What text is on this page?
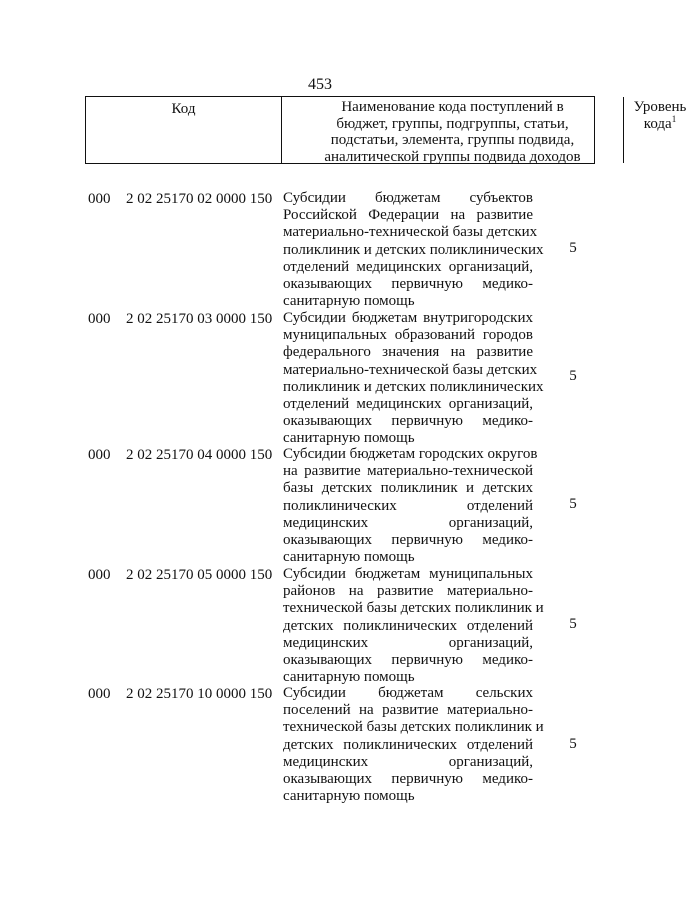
453
Код	Наименование кода поступлений в
бюджет, группы, подгруппы, статьи,
подстатьи, элемента, группы подвида,
аналитической группы подвида доходов
Уровень
кода$^1$
000 2 02 25170 02 0000 150 Субсидии бюджетам субъектов
Российской Федерации на развитие
материально-технической базы детских
поликлиник и детских поликлинических
отделений медицинских организаций,
оказывающих первичную медико-
санитарную помощь
5
000 2 02 25170 03 0000 150 Субсидии бюджетам внутригородских
муниципальных образований городов
федерального значения на развитие
материально-технической базы детских
поликлиник и детских поликлинических
отделений медицинских организаций,
оказывающих первичную медико-
санитарную помощь
5
000 2 02 25170 04 0000 150 Субсидии бюджетам городских округов
на развитие материально-технической
базы детских поликлиник и детских
поликлинических отделений
медицинских организаций,
оказывающих первичную медико-
санитарную помощь
5
000 2 02 25170 05 0000 150 Субсидии бюджетам муниципальных
районов на развитие материально-
технической базы детских поликлиник и
детских поликлинических отделений
медицинских организаций,
оказывающих первичную медико-
санитарную помощь
5
000 2 02 25170 10 0000 150 Субсидии бюджетам сельских
поселений на развитие материально-
технической базы детских поликлиник и
детских поликлинических отделений
медицинских организаций,
оказывающих первичную медико-
санитарную помощь
5
